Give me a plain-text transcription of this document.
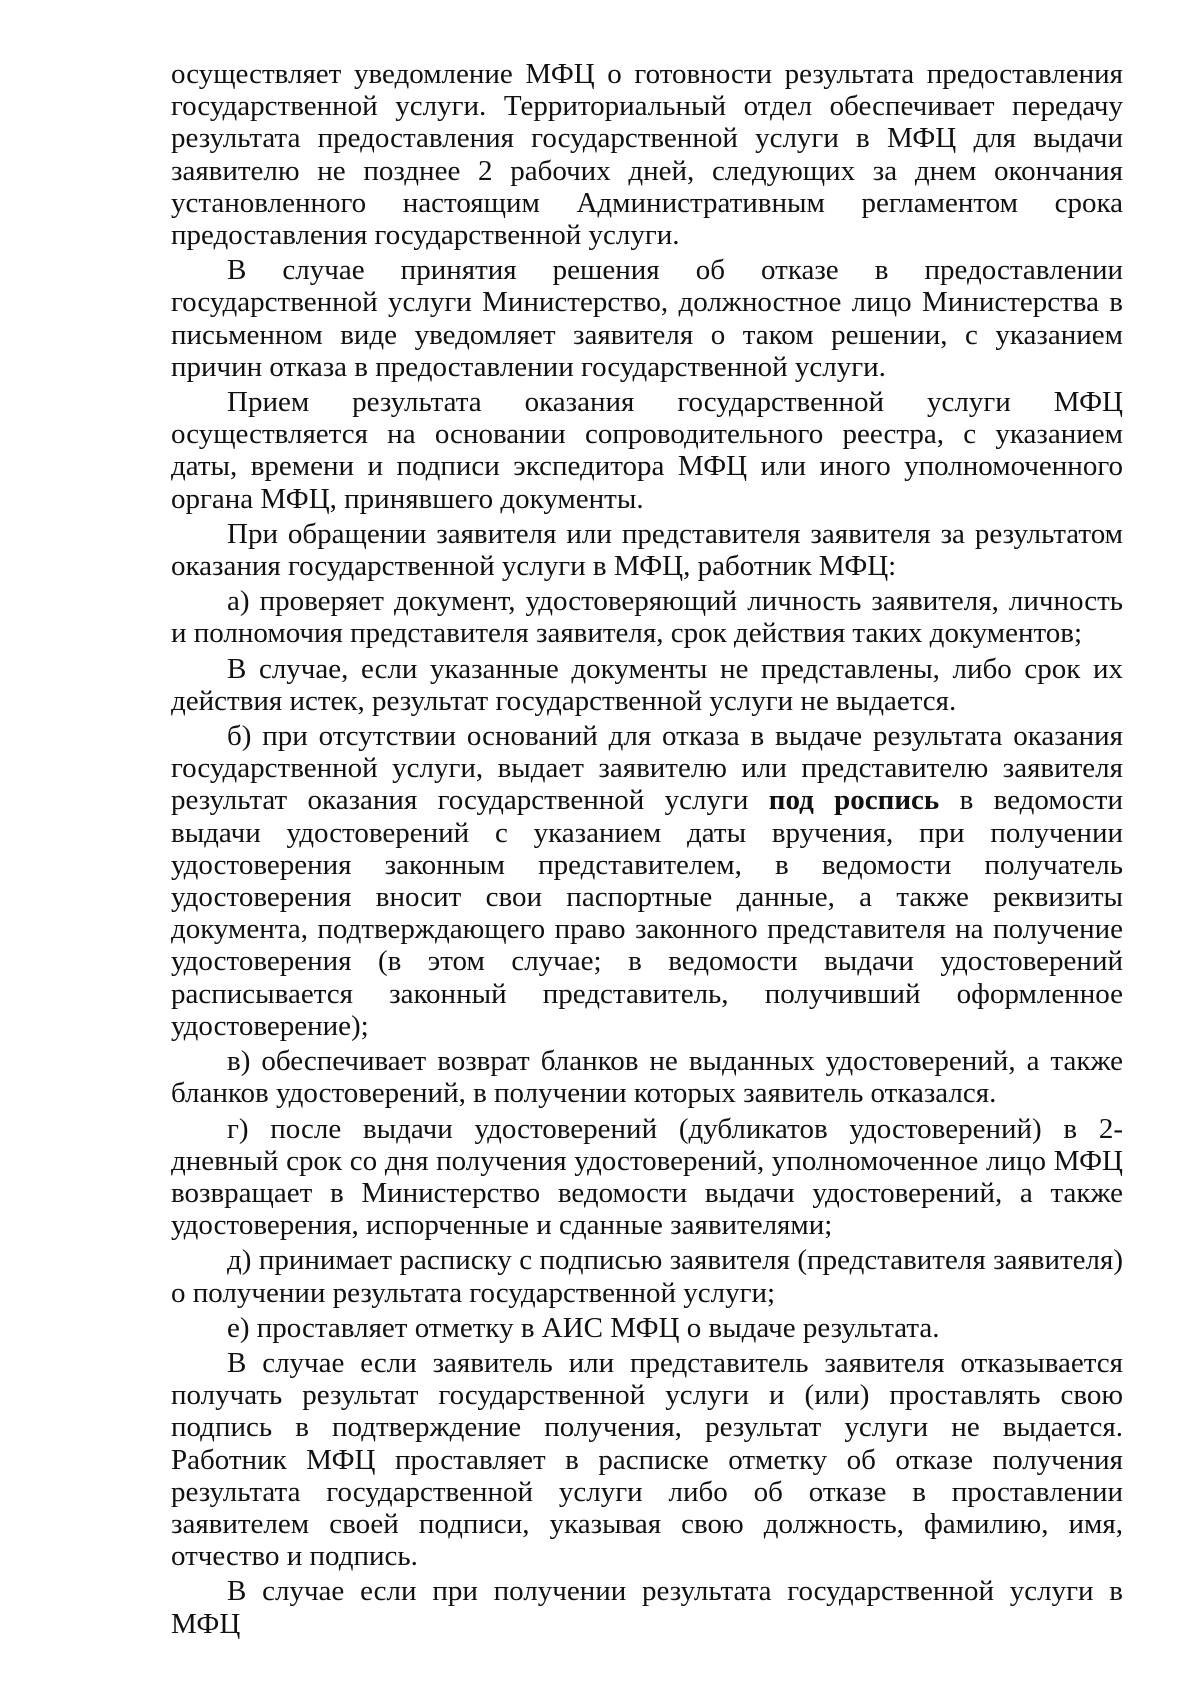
осуществляет уведомление МФЦ о готовности результата предоставления государственной услуги. Территориальный отдел обеспечивает передачу результата предоставления государственной услуги в МФЦ для выдачи заявителю не позднее 2 рабочих дней, следующих за днем окончания установленного настоящим Административным регламентом срока предоставления государственной услуги.

В случае принятия решения об отказе в предоставлении государственной услуги Министерство, должностное лицо Министерства в письменном виде уведомляет заявителя о таком решении, с указанием причин отказа в предоставлении государственной услуги.

Прием результата оказания государственной услуги МФЦ осуществляется на основании сопроводительного реестра, с указанием даты, времени и подписи экспедитора МФЦ или иного уполномоченного органа МФЦ, принявшего документы.

При обращении заявителя или представителя заявителя за результатом оказания государственной услуги в МФЦ, работник МФЦ:

а) проверяет документ, удостоверяющий личность заявителя, личность и полномочия представителя заявителя, срок действия таких документов;

В случае, если указанные документы не представлены, либо срок их действия истек, результат государственной услуги не выдается.

б) при отсутствии оснований для отказа в выдаче результата оказания государственной услуги, выдает заявителю или представителю заявителя результат оказания государственной услуги под роспись в ведомости выдачи удостоверений с указанием даты вручения, при получении удостоверения законным представителем, в ведомости получатель удостоверения вносит свои паспортные данные, а также реквизиты документа, подтверждающего право законного представителя на получение удостоверения (в этом случае; в ведомости выдачи удостоверений расписывается законный представитель, получивший оформленное удостоверение);

в) обеспечивает возврат бланков не выданных удостоверений, а также бланков удостоверений, в получении которых заявитель отказался.

г) после выдачи удостоверений (дубликатов удостоверений) в 2-дневный срок со дня получения удостоверений, уполномоченное лицо МФЦ возвращает в Министерство ведомости выдачи удостоверений, а также удостоверения, испорченные и сданные заявителями;

д) принимает расписку с подписью заявителя (представителя заявителя) о получении результата государственной услуги;

е) проставляет отметку в АИС МФЦ о выдаче результата.

В случае если заявитель или представитель заявителя отказывается получать результат государственной услуги и (или) проставлять свою подпись в подтверждение получения, результат услуги не выдается. Работник МФЦ проставляет в расписке отметку об отказе получения результата государственной услуги либо об отказе в проставлении заявителем своей подписи, указывая свою должность, фамилию, имя, отчество и подпись.

В случае если при получении результата государственной услуги в МФЦ
